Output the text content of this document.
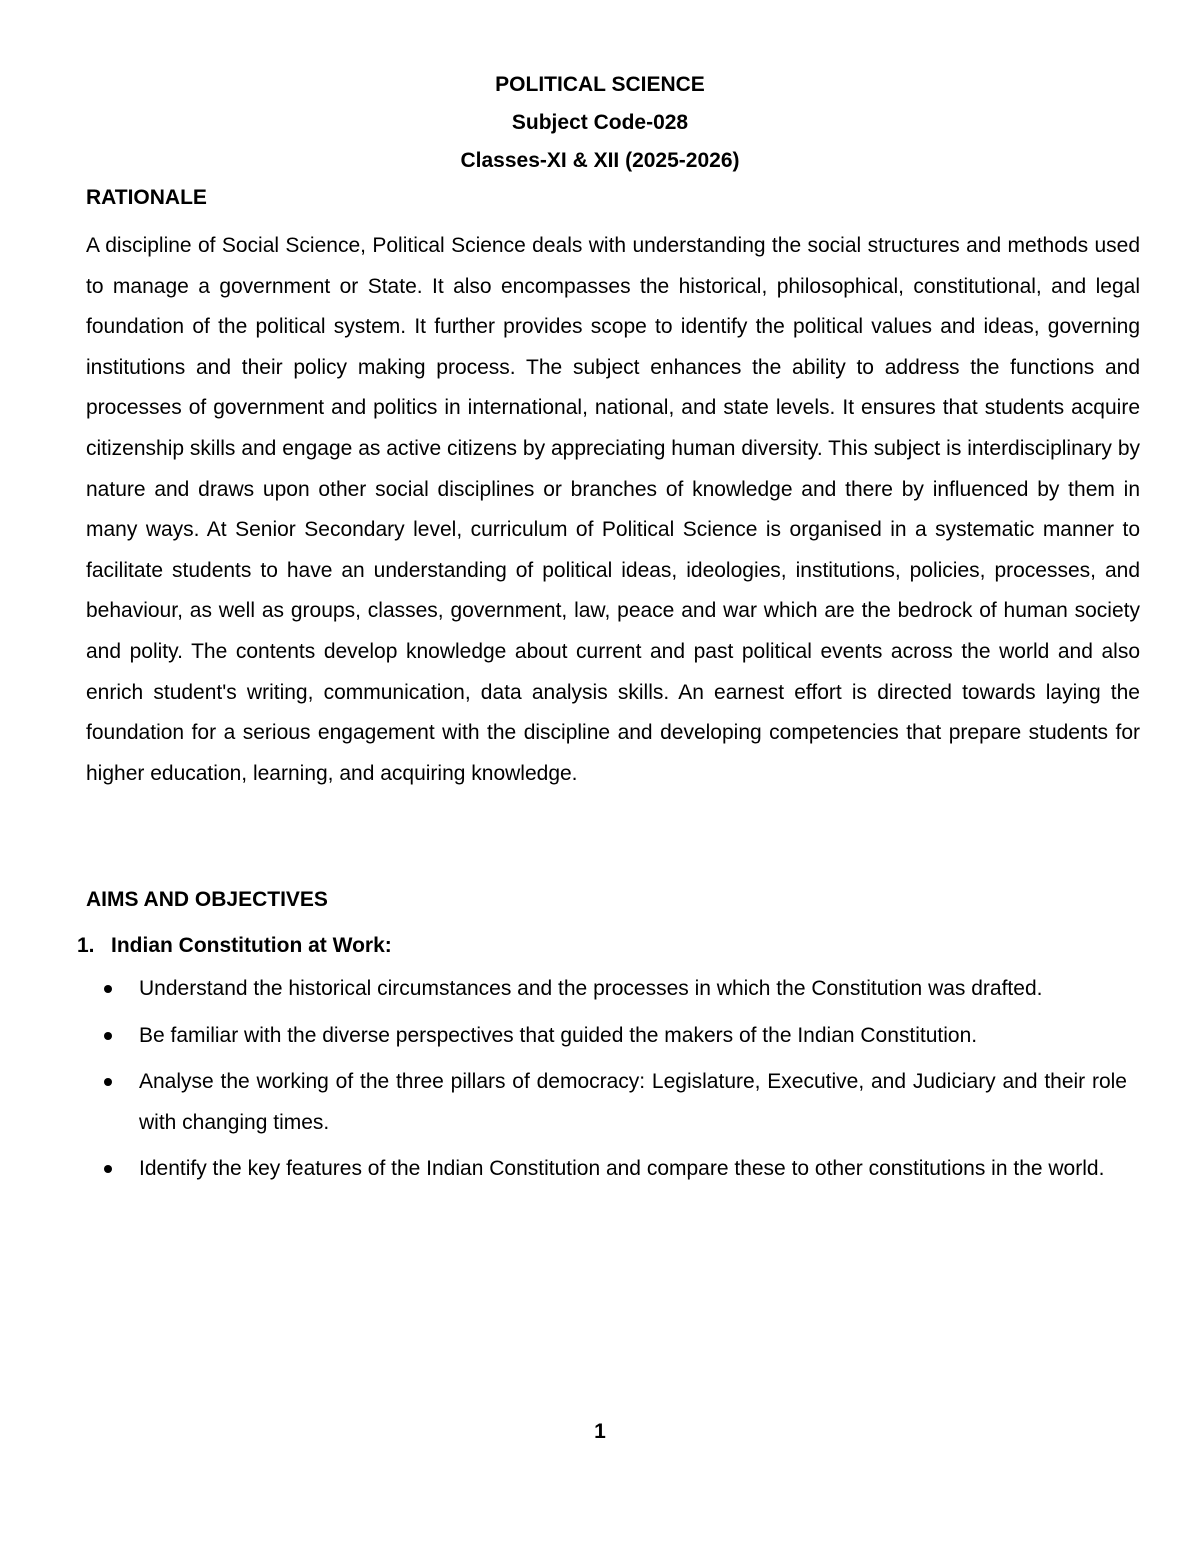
POLITICAL SCIENCE
Subject Code-028
Classes-XI & XII (2025-2026)
RATIONALE

A discipline of Social Science, Political Science deals with understanding the social structures and methods used to manage a government or State. It also encompasses the historical, philosophical, constitutional, and legal foundation of the political system. It further provides scope to identify the political values and ideas, governing institutions and their policy making process. The subject enhances the ability to address the functions and processes of government and politics in international, national, and state levels. It ensures that students acquire citizenship skills and engage as active citizens by appreciating human diversity. This subject is interdisciplinary by nature and draws upon other social disciplines or branches of knowledge and there by influenced by them in many ways. At Senior Secondary level, curriculum of Political Science is organised in a systematic manner to facilitate students to have an understanding of political ideas, ideologies, institutions, policies, processes, and behaviour, as well as groups, classes, government, law, peace and war which are the bedrock of human society and polity. The contents develop knowledge about current and past political events across the world and also enrich student's writing, communication, data analysis skills. An earnest effort is directed towards laying the foundation for a serious engagement with the discipline and developing competencies that prepare students for higher education, learning, and acquiring knowledge.

AIMS AND OBJECTIVES
1. Indian Constitution at Work:
Understand the historical circumstances and the processes in which the Constitution was drafted.
Be familiar with the diverse perspectives that guided the makers of the Indian Constitution.
Analyse the working of the three pillars of democracy: Legislature, Executive, and Judiciary and their role with changing times.
Identify the key features of the Indian Constitution and compare these to other constitutions in the world.
1
